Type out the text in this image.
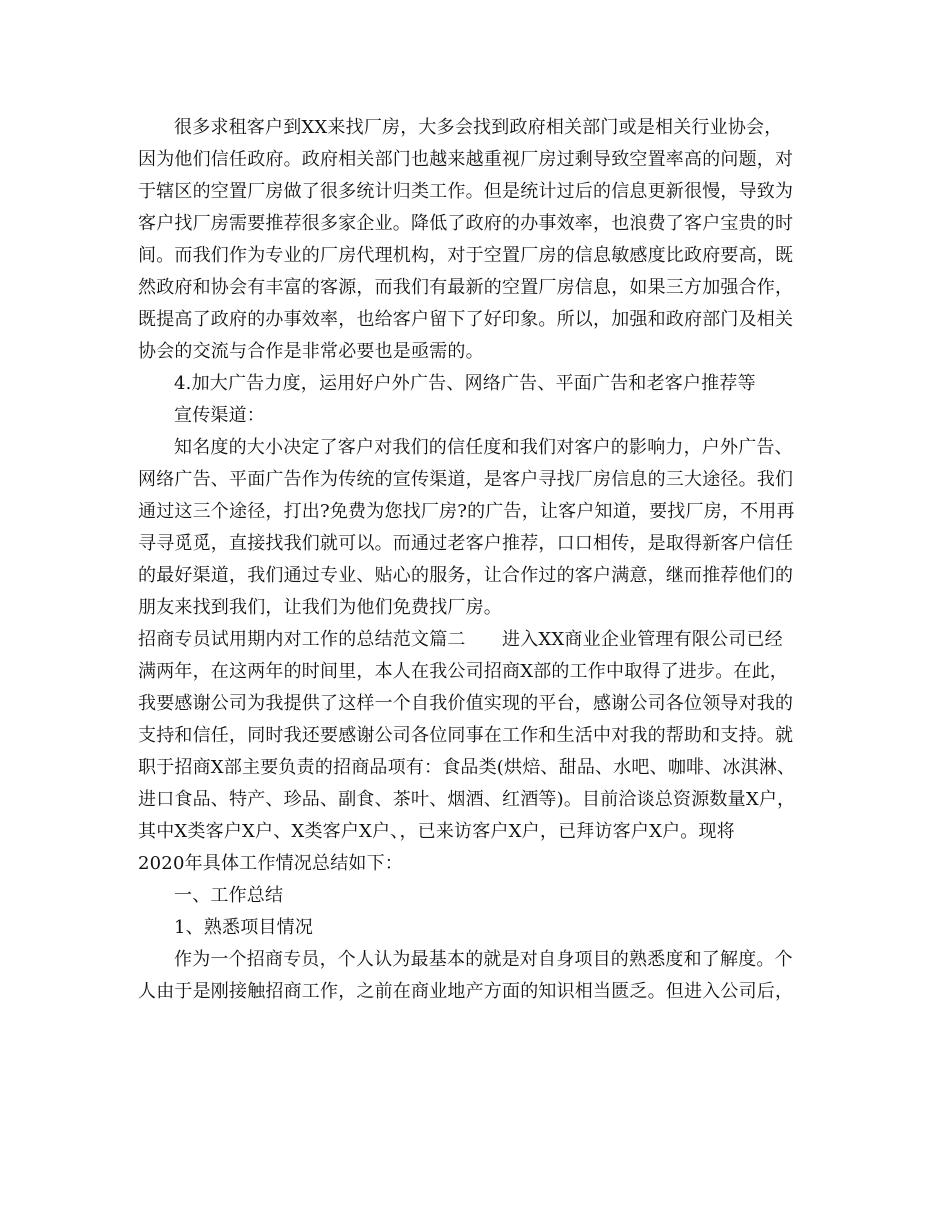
很多求租客户到XX来找厂房，大多会找到政府相关部门或是相关行业协会，
因为他们信任政府。政府相关部门也越来越重视厂房过剩导致空置率高的问题，对
于辖区的空置厂房做了很多统计归类工作。但是统计过后的信息更新很慢，导致为
客户找厂房需要推荐很多家企业。降低了政府的办事效率，也浪费了客户宝贵的时
间。而我们作为专业的厂房代理机构，对于空置厂房的信息敏感度比政府要高，既
然政府和协会有丰富的客源，而我们有最新的空置厂房信息，如果三方加强合作，
既提高了政府的办事效率，也给客户留下了好印象。所以，加强和政府部门及相关
协会的交流与合作是非常必要也是亟需的。
4.加大广告力度，运用好户外广告、网络广告、平面广告和老客户推荐等
宣传渠道：
知名度的大小决定了客户对我们的信任度和我们对客户的影响力，户外广告、
网络广告、平面广告作为传统的宣传渠道，是客户寻找厂房信息的三大途径。我们
通过这三个途径，打出?免费为您找厂房?的广告，让客户知道，要找厂房，不用再
寻寻觅觅，直接找我们就可以。而通过老客户推荐，口口相传，是取得新客户信任
的最好渠道，我们通过专业、贴心的服务，让合作过的客户满意，继而推荐他们的
朋友来找到我们，让我们为他们免费找厂房。
招商专员试用期内对工作的总结范文篇二　　进入XX商业企业管理有限公司已经
满两年，在这两年的时间里，本人在我公司招商X部的工作中取得了进步。在此，
我要感谢公司为我提供了这样一个自我价值实现的平台，感谢公司各位领导对我的
支持和信任，同时我还要感谢公司各位同事在工作和生活中对我的帮助和支持。就
职于招商X部主要负责的招商品项有：食品类(烘焙、甜品、水吧、咖啡、冰淇淋、
进口食品、特产、珍品、副食、茶叶、烟酒、红酒等)。目前洽谈总资源数量X户，
其中X类客户X户、X类客户X户、，已来访客户X户，已拜访客户X户。现将
2020年具体工作情况总结如下：
一、工作总结
1、熟悉项目情况
作为一个招商专员，个人认为最基本的就是对自身项目的熟悉度和了解度。个
人由于是刚接触招商工作，之前在商业地产方面的知识相当匮乏。但进入公司后，
